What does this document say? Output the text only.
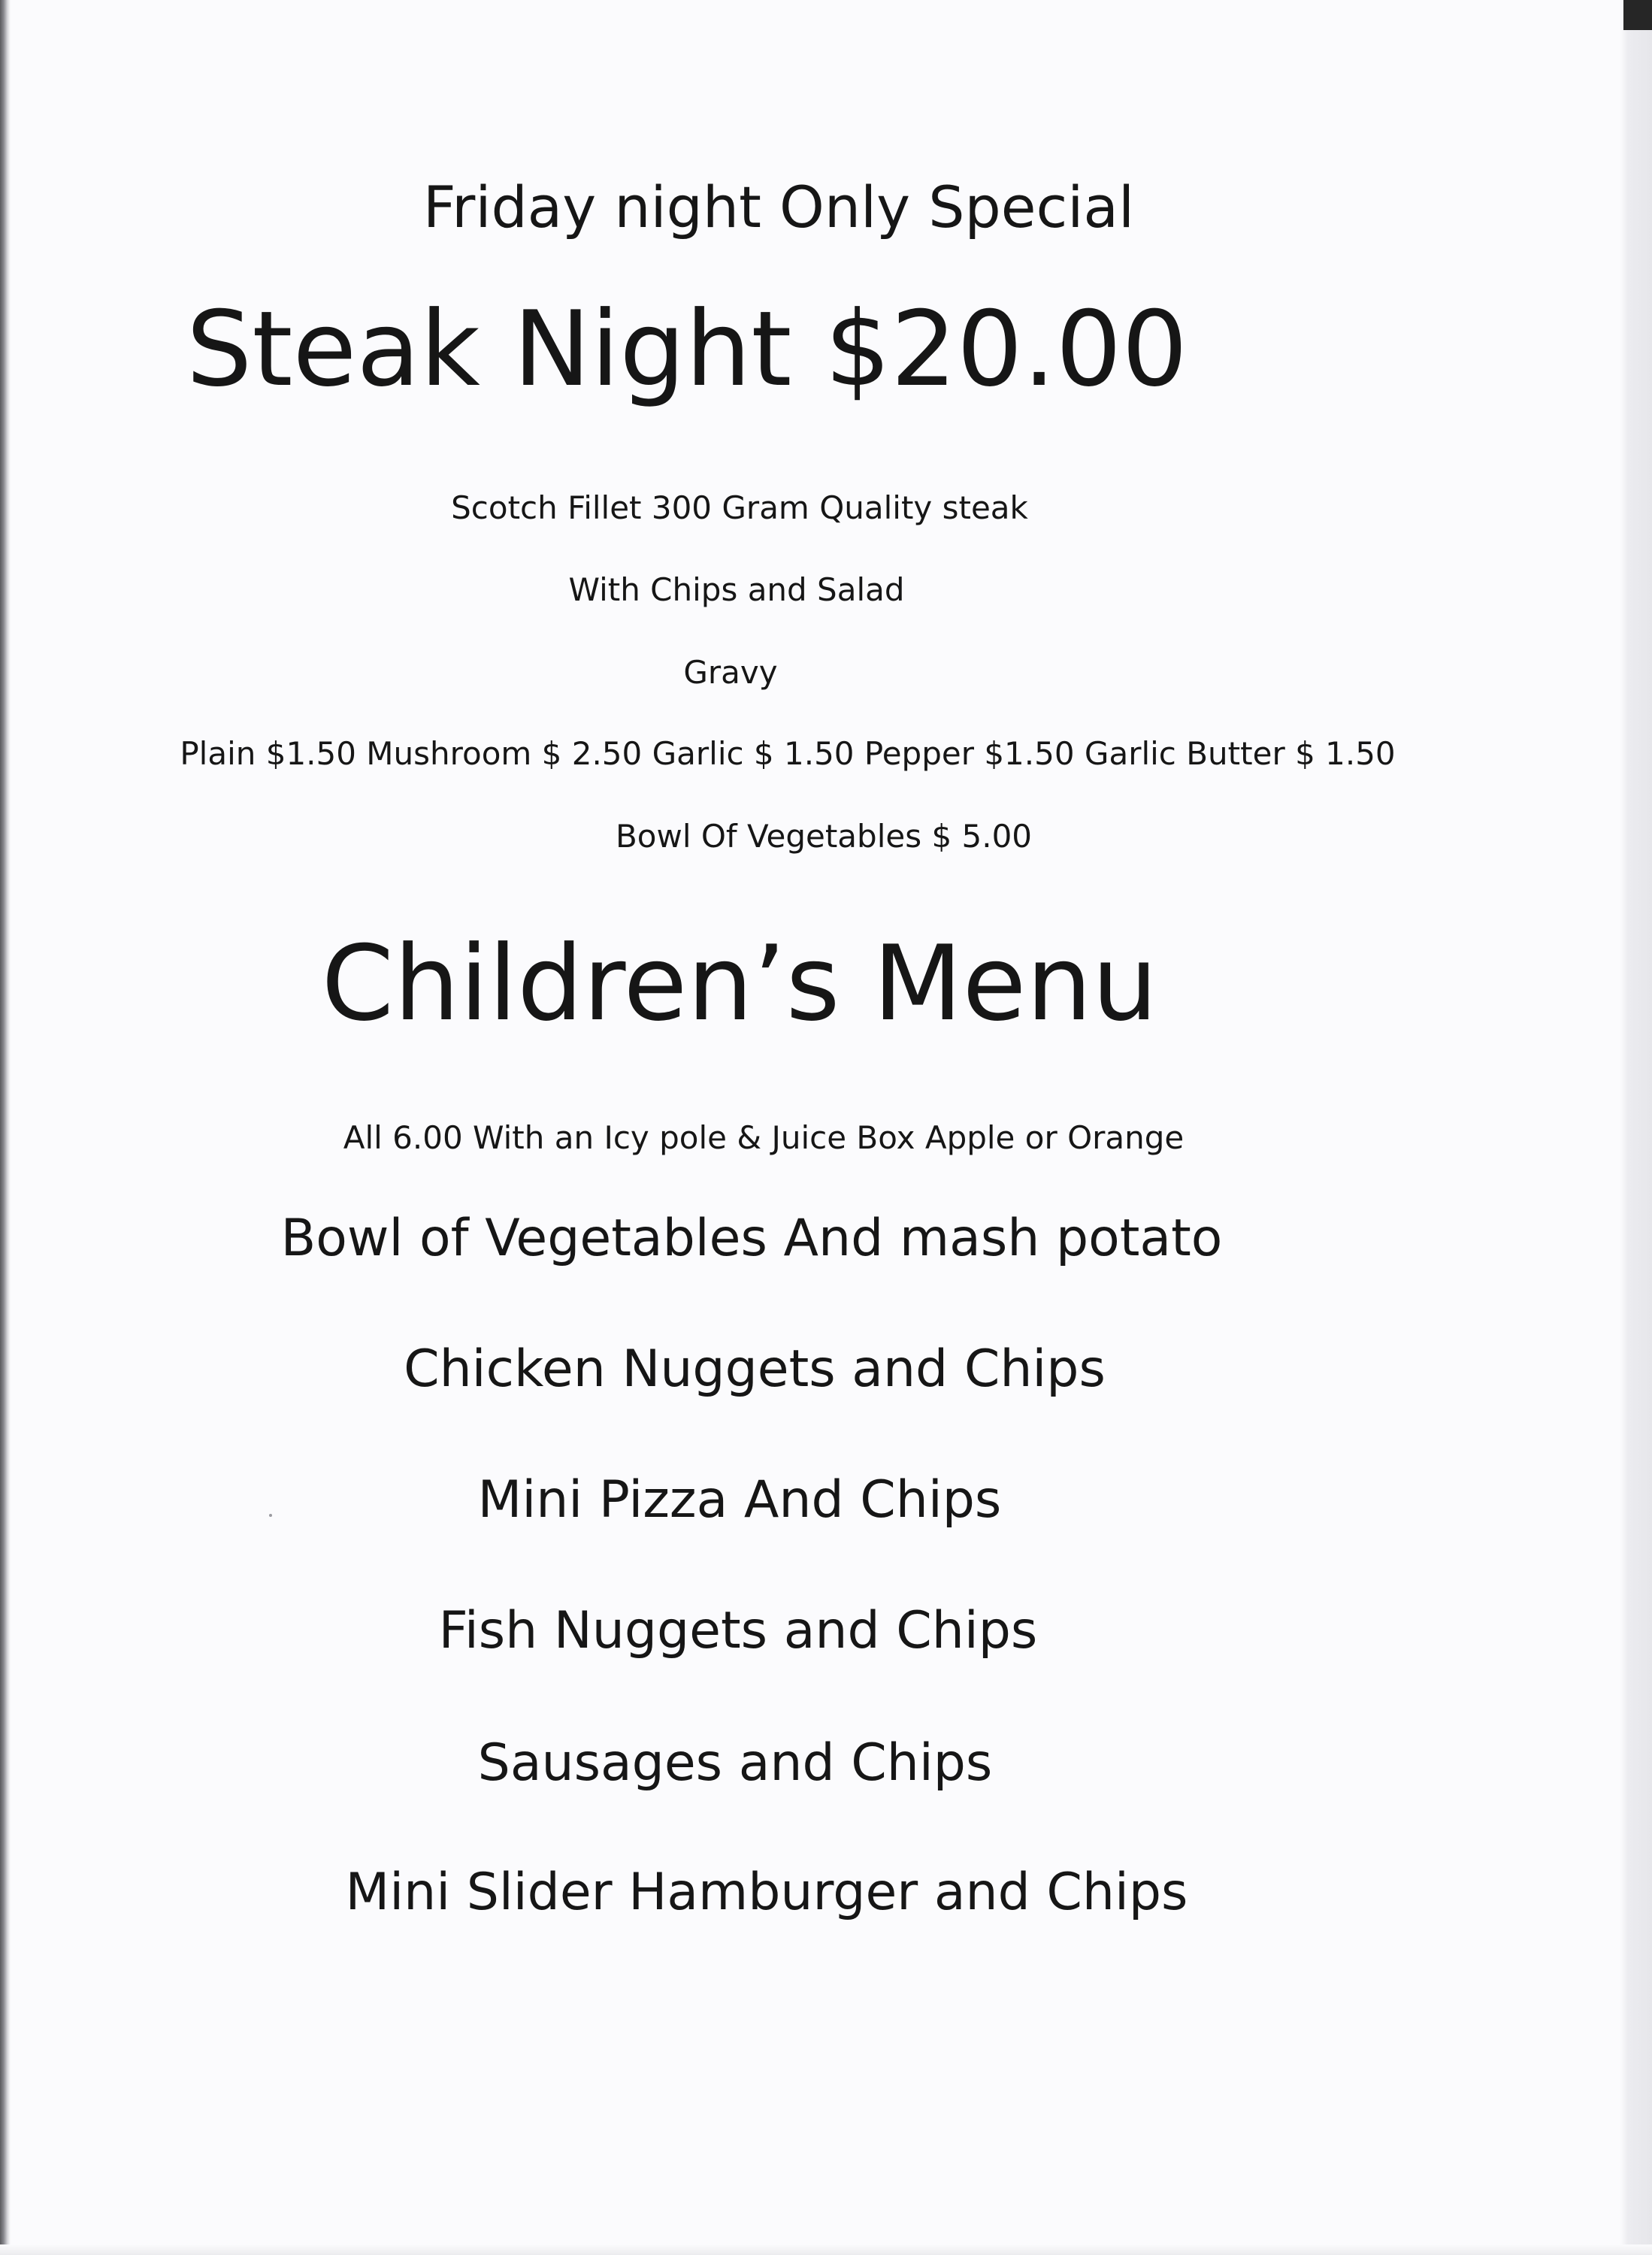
Friday night Only Special
Steak Night $20.00
Scotch Fillet 300 Gram Quality steak
With Chips and Salad
Gravy
Plain $1.50 Mushroom $ 2.50 Garlic $ 1.50 Pepper $1.50 Garlic Butter $ 1.50
Bowl Of Vegetables $ 5.00
Children’s Menu
All 6.00 With an Icy pole & Juice Box Apple or Orange
Bowl of Vegetables And mash potato
Chicken Nuggets and Chips
Mini Pizza And Chips
Fish Nuggets and Chips
Sausages and Chips
Mini Slider Hamburger and Chips
